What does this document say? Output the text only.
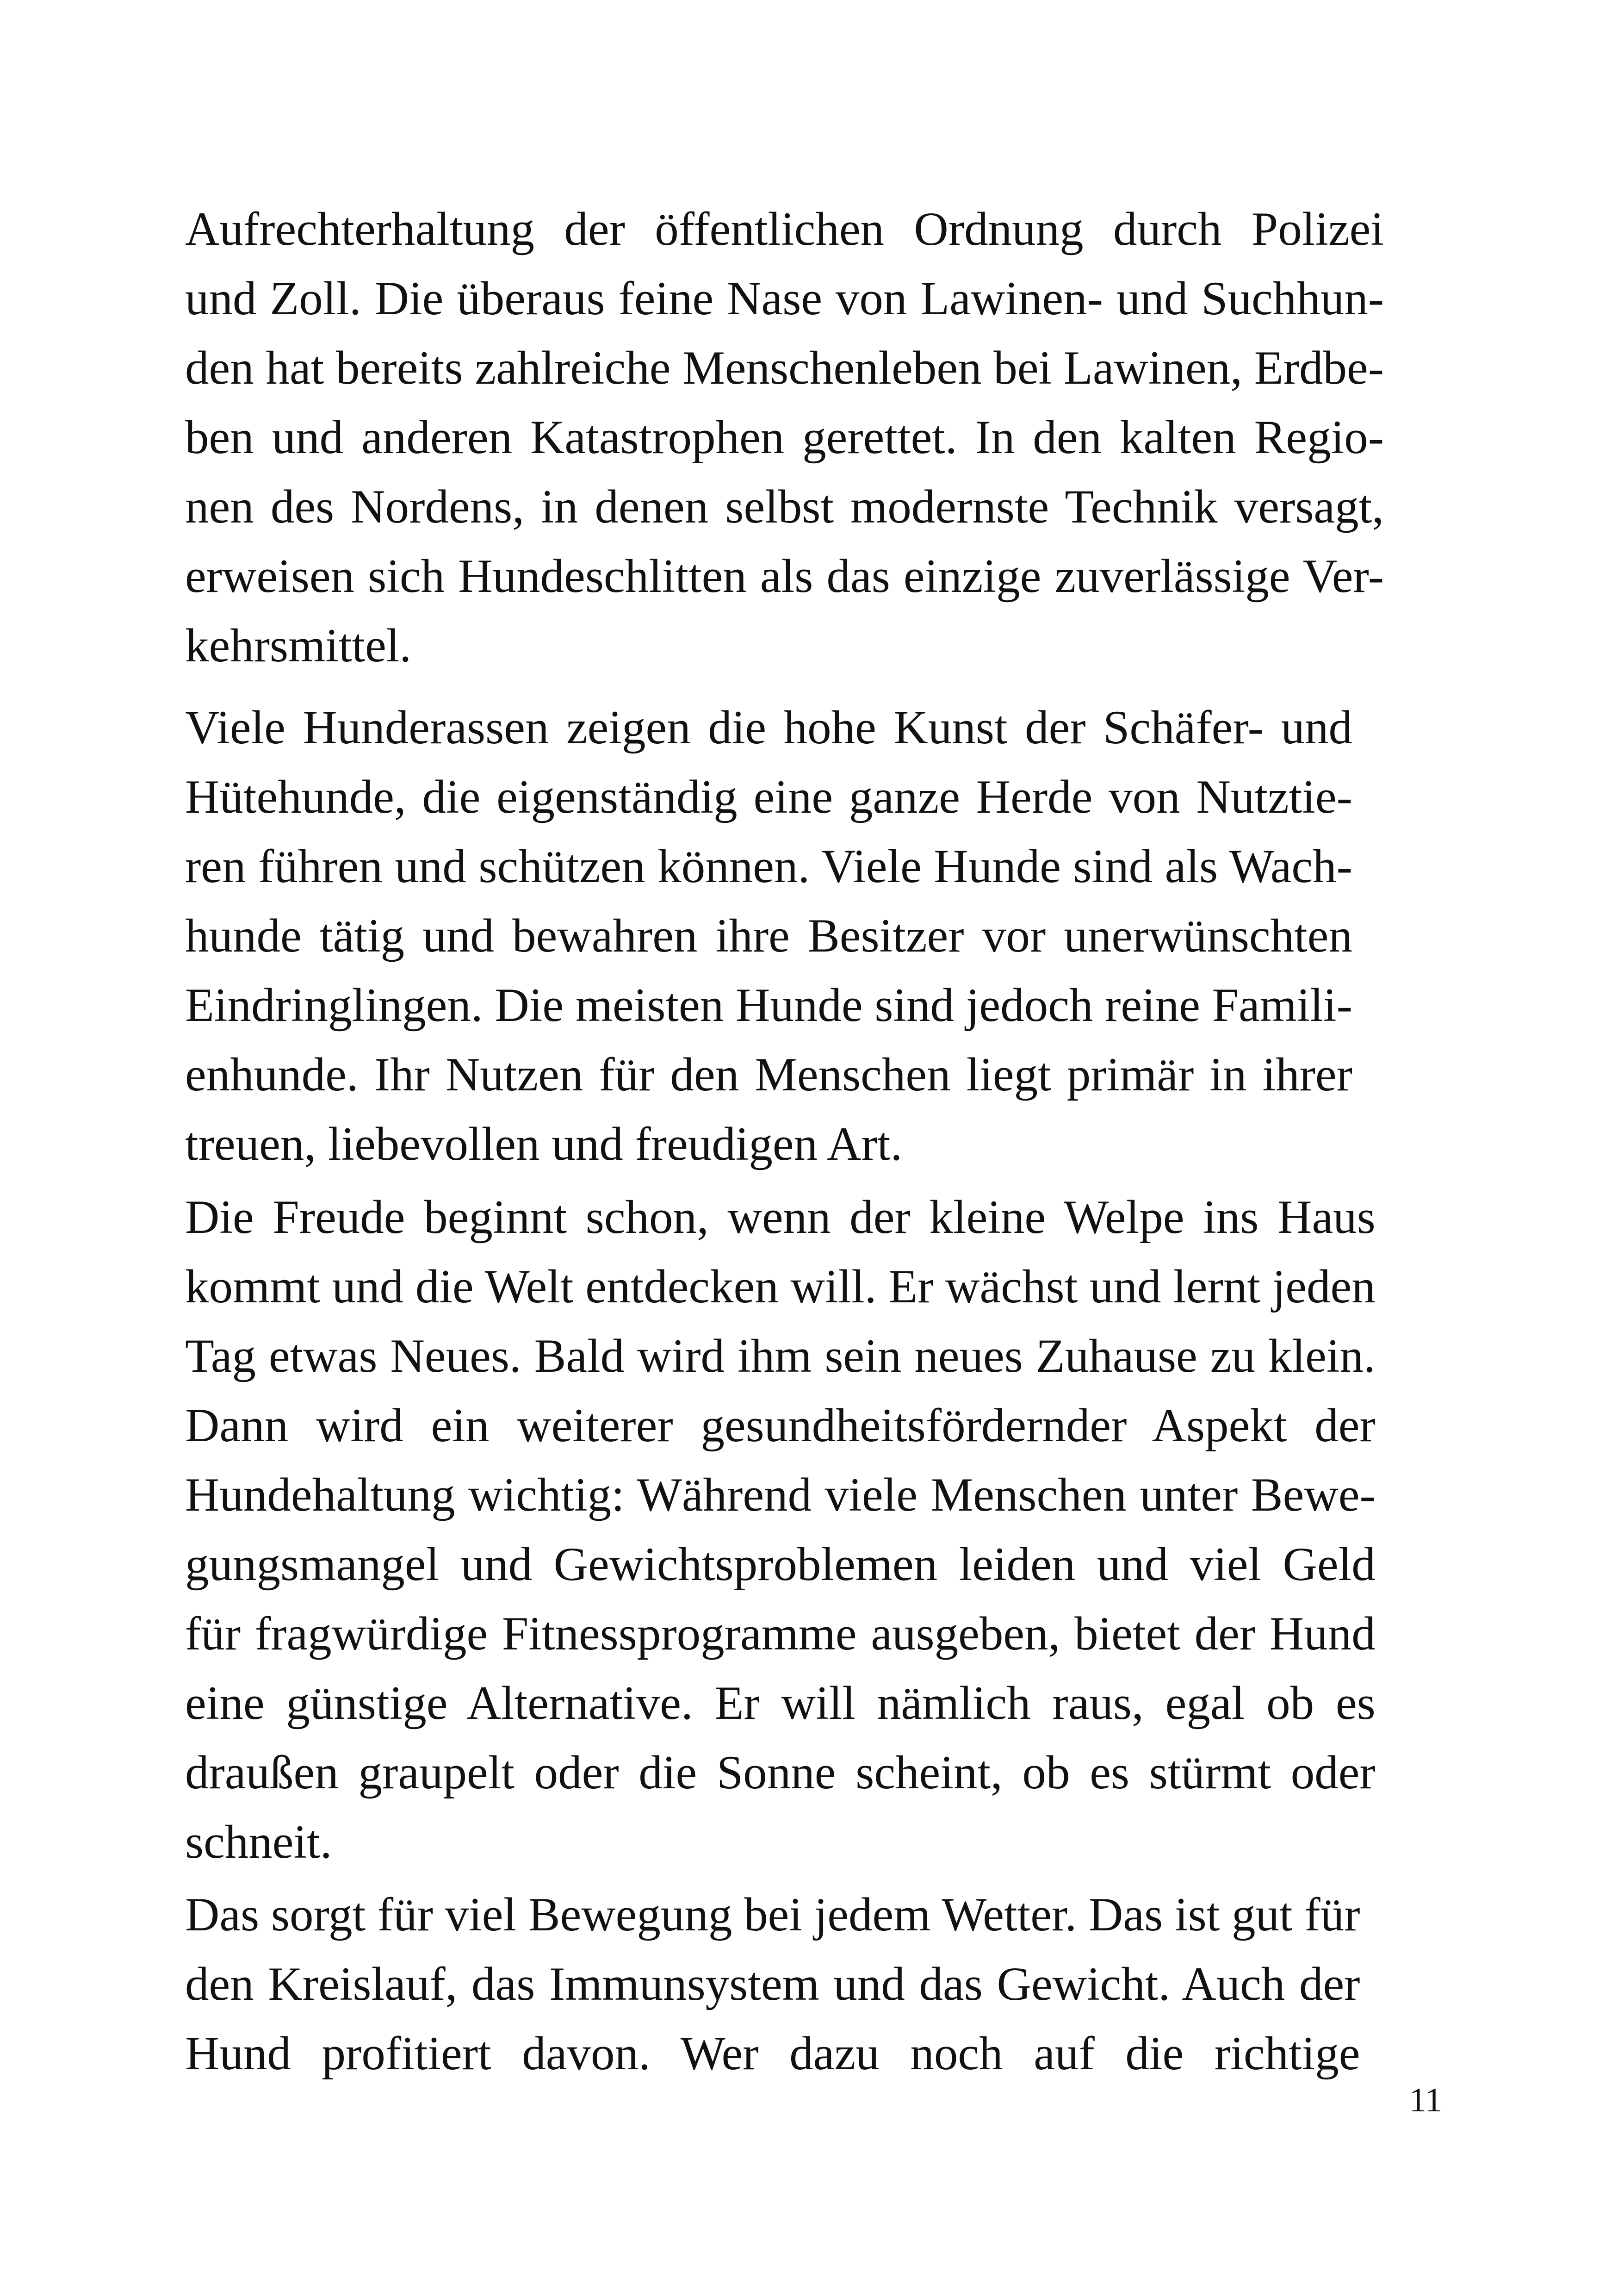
Aufrechterhaltung der öffentlichen Ordnung durch Polizei
und Zoll. Die überaus feine Nase von Lawinen- und Suchhun-
den hat bereits zahlreiche Menschenleben bei Lawinen, Erdbe-
ben und anderen Katastrophen gerettet. In den kalten Regio-
nen des Nordens, in denen selbst modernste Technik versagt,
erweisen sich Hundeschlitten als das einzige zuverlässige Ver-
kehrsmittel.

Viele Hunderassen zeigen die hohe Kunst der Schäfer- und
Hütehunde, die eigenständig eine ganze Herde von Nutztie-
ren führen und schützen können. Viele Hunde sind als Wach-
hunde tätig und bewahren ihre Besitzer vor unerwünschten
Eindringlingen. Die meisten Hunde sind jedoch reine Famili-
enhunde. Ihr Nutzen für den Menschen liegt primär in ihrer
treuen, liebevollen und freudigen Art.

Die Freude beginnt schon, wenn der kleine Welpe ins Haus
kommt und die Welt entdecken will. Er wächst und lernt jeden
Tag etwas Neues. Bald wird ihm sein neues Zuhause zu klein.
Dann wird ein weiterer gesundheitsfördernder Aspekt der
Hundehaltung wichtig: Während viele Menschen unter Bewe-
gungsmangel und Gewichtsproblemen leiden und viel Geld
für fragwürdige Fitnessprogramme ausgeben, bietet der Hund
eine günstige Alternative. Er will nämlich raus, egal ob es
draußen graupelt oder die Sonne scheint, ob es stürmt oder
schneit.

Das sorgt für viel Bewegung bei jedem Wetter. Das ist gut für
den Kreislauf, das Immunsystem und das Gewicht. Auch der
Hund profitiert davon. Wer dazu noch auf die richtige

11
